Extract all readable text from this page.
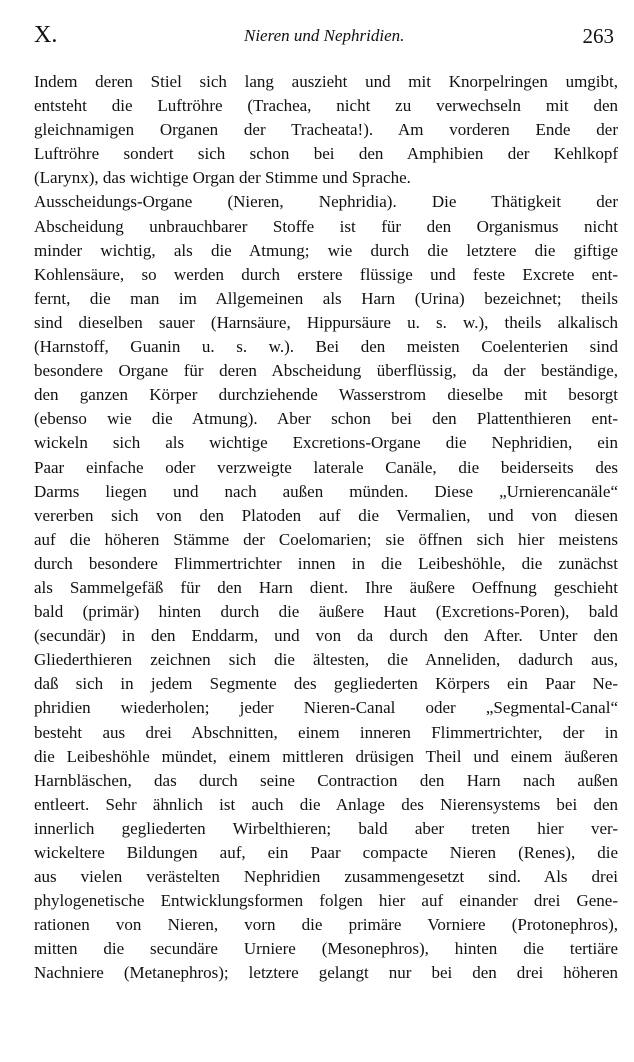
X.	Nieren und Nephridien.	263
Indem deren Stiel sich lang auszieht und mit Knorpelringen umgibt,
entsteht die Luftröhre (Trachea, nicht zu verwechseln mit den
gleichnamigen Organen der Tracheata!). Am vorderen Ende der
Luftröhre sondert sich schon bei den Amphibien der Kehlkopf
(Larynx), das wichtige Organ der Stimme und Sprache.
Ausscheidungs-Organe (Nieren, Nephridia). Die Thätigkeit der
Abscheidung unbrauchbarer Stoffe ist für den Organismus nicht
minder wichtig, als die Atmung; wie durch die letztere die giftige
Kohlensäure, so werden durch erstere flüssige und feste Excrete ent-
fernt, die man im Allgemeinen als Harn (Urina) bezeichnet; theils
sind dieselben sauer (Harnsäure, Hippursäure u. s. w.), theils alkalisch
(Harnstoff, Guanin u. s. w.). Bei den meisten Coelenterien sind
besondere Organe für deren Abscheidung überflüssig, da der beständige,
den ganzen Körper durchziehende Wasserstrom dieselbe mit besorgt
(ebenso wie die Atmung). Aber schon bei den Plattenthieren ent-
wickeln sich als wichtige Excretions-Organe die Nephridien, ein
Paar einfache oder verzweigte laterale Canäle, die beiderseits des
Darms liegen und nach außen münden. Diese „Urnierencanäle“
vererben sich von den Platoden auf die Vermalien, und von diesen
auf die höheren Stämme der Coelomarien; sie öffnen sich hier meistens
durch besondere Flimmertrichter innen in die Leibeshöhle, die zunächst
als Sammelgefäß für den Harn dient. Ihre äußere Oeffnung geschieht
bald (primär) hinten durch die äußere Haut (Excretions-Poren), bald
(secundär) in den Enddarm, und von da durch den After. Unter den
Gliederthieren zeichnen sich die ältesten, die Anneliden, dadurch aus,
daß sich in jedem Segmente des gegliederten Körpers ein Paar Ne-
phridien wiederholen; jeder Nieren-Canal oder „Segmental-Canal“
besteht aus drei Abschnitten, einem inneren Flimmertrichter, der in
die Leibeshöhle mündet, einem mittleren drüsigen Theil und einem äußeren
Harnbläschen, das durch seine Contraction den Harn nach außen
entleert. Sehr ähnlich ist auch die Anlage des Nierensystems bei den
innerlich gegliederten Wirbelthieren; bald aber treten hier ver-
wickeltere Bildungen auf, ein Paar compacte Nieren (Renes), die
aus vielen verästelten Nephridien zusammengesetzt sind. Als drei
phylogenetische Entwicklungsformen folgen hier auf einander drei Gene-
rationen von Nieren, vorn die primäre Vorniere (Protonephros),
mitten die secundäre Urniere (Mesonephros), hinten die tertiäre
Nachniere (Metanephros); letztere gelangt nur bei den drei höheren
